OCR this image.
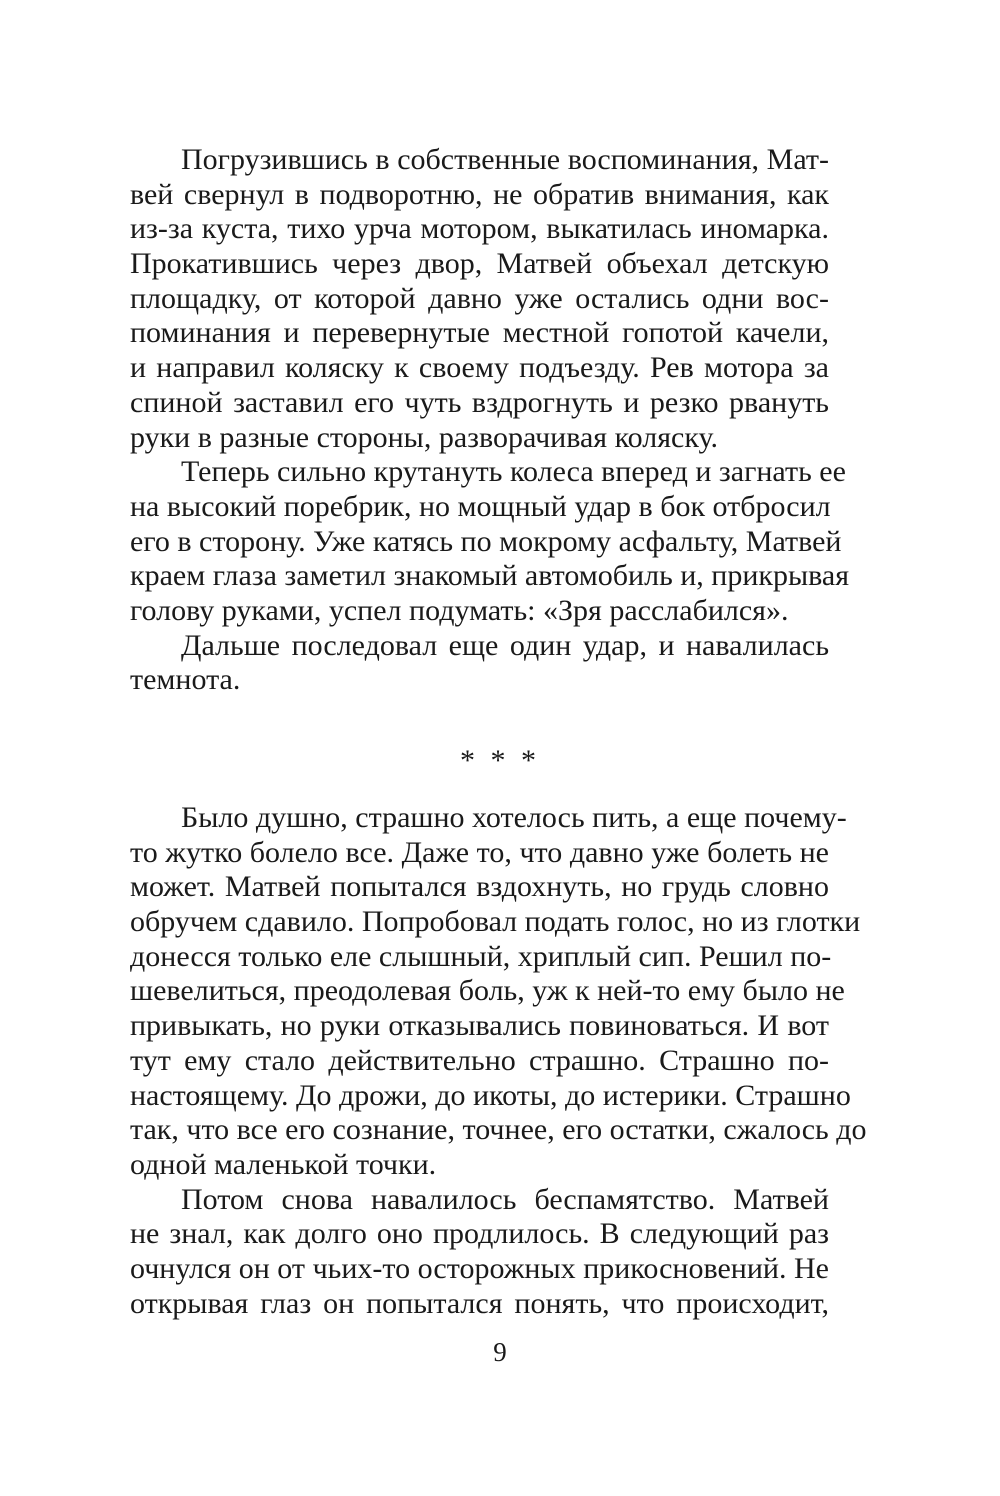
Погрузившись в собственные воспоминания, Мат-
вей свернул в подворотню, не обратив внимания, как
из-за куста, тихо урча мотором, выкатилась иномарка.
Прокатившись через двор, Матвей объехал детскую
площадку, от которой давно уже остались одни вос-
поминания и перевернутые местной гопотой качели,
и направил коляску к своему подъезду. Рев мотора за
спиной заставил его чуть вздрогнуть и резко рвануть
руки в разные стороны, разворачивая коляску.
Теперь сильно крутануть колеса вперед и загнать ее
на высокий поребрик, но мощный удар в бок отбросил
его в сторону. Уже катясь по мокрому асфальту, Матвей
краем глаза заметил знакомый автомобиль и, прикрывая
голову руками, успел подумать: «Зря расслабился».
Дальше последовал еще один удар, и навалилась
темнота.
* * *
Было душно, страшно хотелось пить, а еще почему-
то жутко болело все. Даже то, что давно уже болеть не
может. Матвей попытался вздохнуть, но грудь словно
обручем сдавило. Попробовал подать голос, но из глотки
донесся только еле слышный, хриплый сип. Решил по-
шевелиться, преодолевая боль, уж к ней-то ему было не
привыкать, но руки отказывались повиноваться. И вот
тут ему стало действительно страшно. Страшно по-
настоящему. До дрожи, до икоты, до истерики. Страшно
так, что все его сознание, точнее, его остатки, сжалось до
одной маленькой точки.
Потом снова навалилось беспамятство. Матвей
не знал, как долго оно продлилось. В следующий раз
очнулся он от чьих-то осторожных прикосновений. Не
открывая глаз он попытался понять, что происходит,
9
